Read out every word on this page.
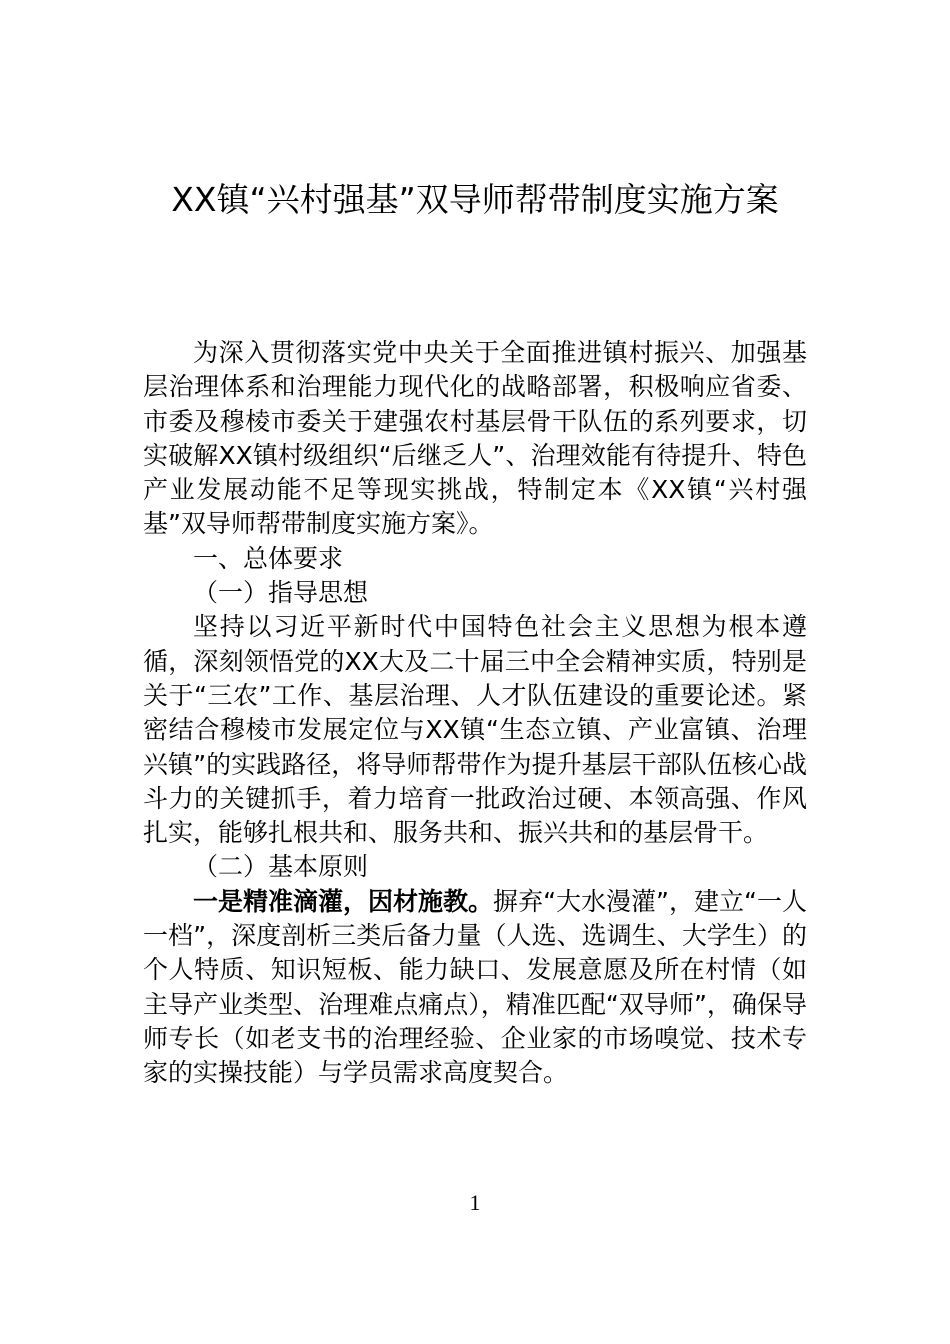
XX镇“兴村强基”双导师帮带制度实施方案

为深入贯彻落实党中央关于全面推进镇村振兴、加强基层治理体系和治理能力现代化的战略部署，积极响应省委、市委及穆棱市委关于建强农村基层骨干队伍的系列要求，切实破解XX镇村级组织“后继乏人”、治理效能有待提升、特色产业发展动能不足等现实挑战，特制定本《XX镇“兴村强基”双导师帮带制度实施方案》。

一、总体要求

（一）指导思想

坚持以习近平新时代中国特色社会主义思想为根本遵循，深刻领悟党的XX大及二十届三中全会精神实质，特别是关于“三农”工作、基层治理、人才队伍建设的重要论述。紧密结合穆棱市发展定位与XX镇“生态立镇、产业富镇、治理兴镇”的实践路径，将导师帮带作为提升基层干部队伍核心战斗力的关键抓手，着力培育一批政治过硬、本领高强、作风扎实，能够扎根共和、服务共和、振兴共和的基层骨干。

（二）基本原则

一是精准滴灌，因材施教。摒弃“大水漫灌”，建立“一人一档”，深度剖析三类后备力量（人选、选调生、大学生）的个人特质、知识短板、能力缺口、发展意愿及所在村情（如主导产业类型、治理难点痛点），精准匹配“双导师”，确保导师专长（如老支书的治理经验、企业家的市场嗅觉、技术专家的实操技能）与学员需求高度契合。

1
